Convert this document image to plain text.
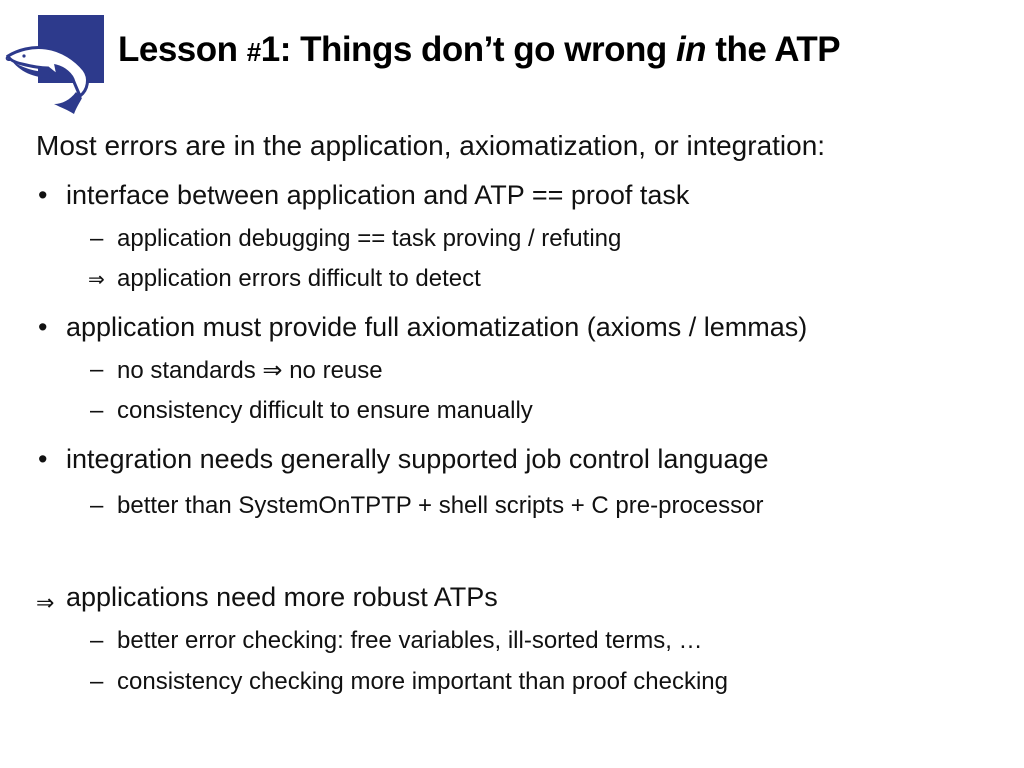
Lesson #1: Things don’t go wrong in the ATP
Most errors are in the application, axiomatization, or integration:
• interface between application and ATP == proof task
– application debugging == task proving / refuting
⇒ application errors difficult to detect
• application must provide full axiomatization (axioms / lemmas)
– no standards ⇒ no reuse
– consistency difficult to ensure manually
• integration needs generally supported job control language
– better than SystemOnTPTP + shell scripts + C pre-processor
⇒ applications need more robust ATPs
– better error checking: free variables, ill-sorted terms, …
– consistency checking more important than proof checking
